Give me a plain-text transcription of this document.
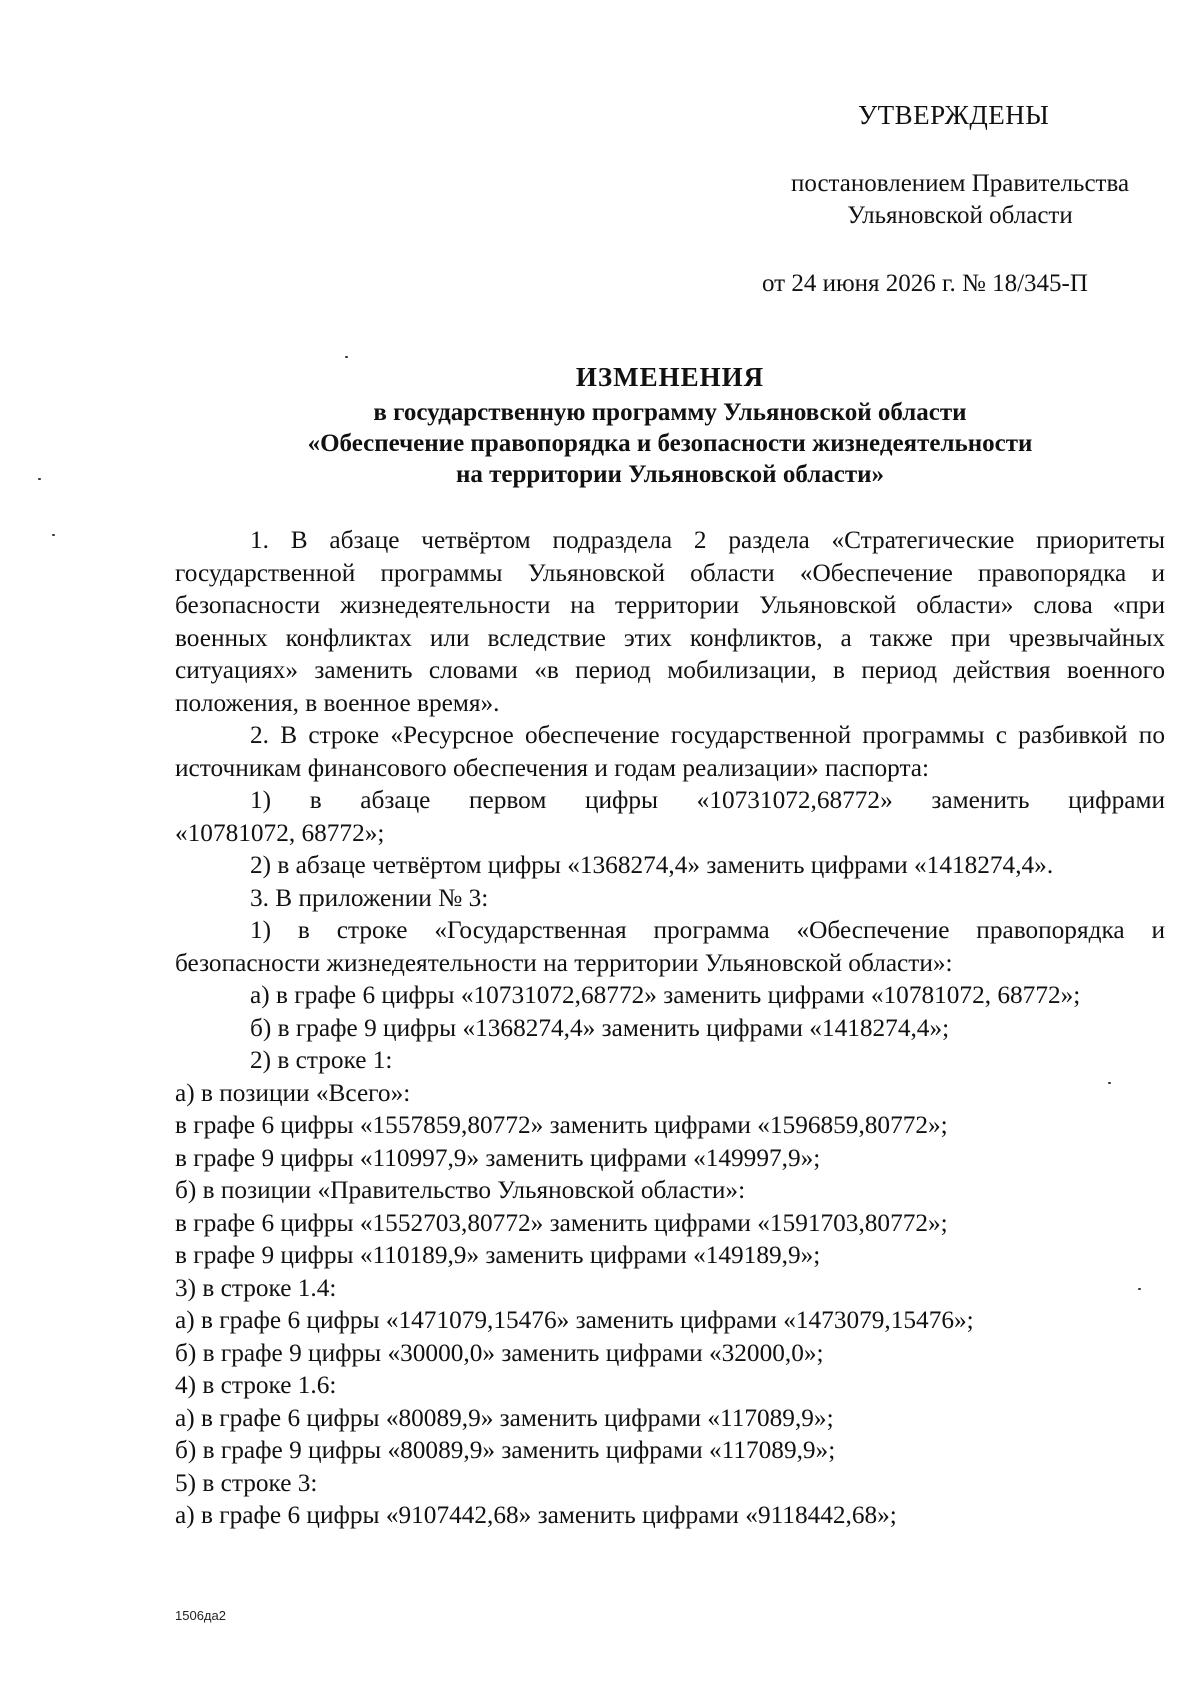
УТВЕРЖДЕНЫ
постановлением Правительства
Ульяновской области
от 24 июня 2026 г. № 18/345-П
ИЗМЕНЕНИЯ
в государственную программу Ульяновской области
«Обеспечение правопорядка и безопасности жизнедеятельности
на территории Ульяновской области»

1. В абзаце четвёртом подраздела 2 раздела «Стратегические приоритеты государственной программы Ульяновской области «Обеспечение правопорядка и безопасности жизнедеятельности на территории Ульяновской области» слова «при военных конфликтах или вследствие этих конфликтов, а также при чрезвычайных ситуациях» заменить словами «в период мобилизации, в период действия военного положения, в военное время».

2. В строке «Ресурсное обеспечение государственной программы с разбивкой по источникам финансового обеспечения и годам реализации» паспорта:

1) в абзаце первом цифры «10731072,68772» заменить цифрами

«10781072, 68772»;

2) в абзаце четвёртом цифры «1368274,4» заменить цифрами «1418274,4».

3. В приложении № 3:

1) в строке «Государственная программа «Обеспечение правопорядка и безопасности жизнедеятельности на территории Ульяновской области»:

а) в графе 6 цифры «10731072,68772» заменить цифрами «10781072, 68772»;

б) в графе 9 цифры «1368274,4» заменить цифрами «1418274,4»;

2) в строке 1:

а) в позиции «Всего»:

в графе 6 цифры «1557859,80772» заменить цифрами «1596859,80772»;

в графе 9 цифры «110997,9» заменить цифрами «149997,9»;

б) в позиции «Правительство Ульяновской области»:

в графе 6 цифры «1552703,80772» заменить цифрами «1591703,80772»;

в графе 9 цифры «110189,9» заменить цифрами «149189,9»;

3) в строке 1.4:

а) в графе 6 цифры «1471079,15476» заменить цифрами «1473079,15476»;

б) в графе 9 цифры «30000,0» заменить цифрами «32000,0»;

4) в строке 1.6:

а) в графе 6 цифры «80089,9» заменить цифрами «117089,9»;

б) в графе 9 цифры «80089,9» заменить цифрами «117089,9»;

5) в строке 3:

а) в графе 6 цифры «9107442,68» заменить цифрами «9118442,68»;

1506да2
